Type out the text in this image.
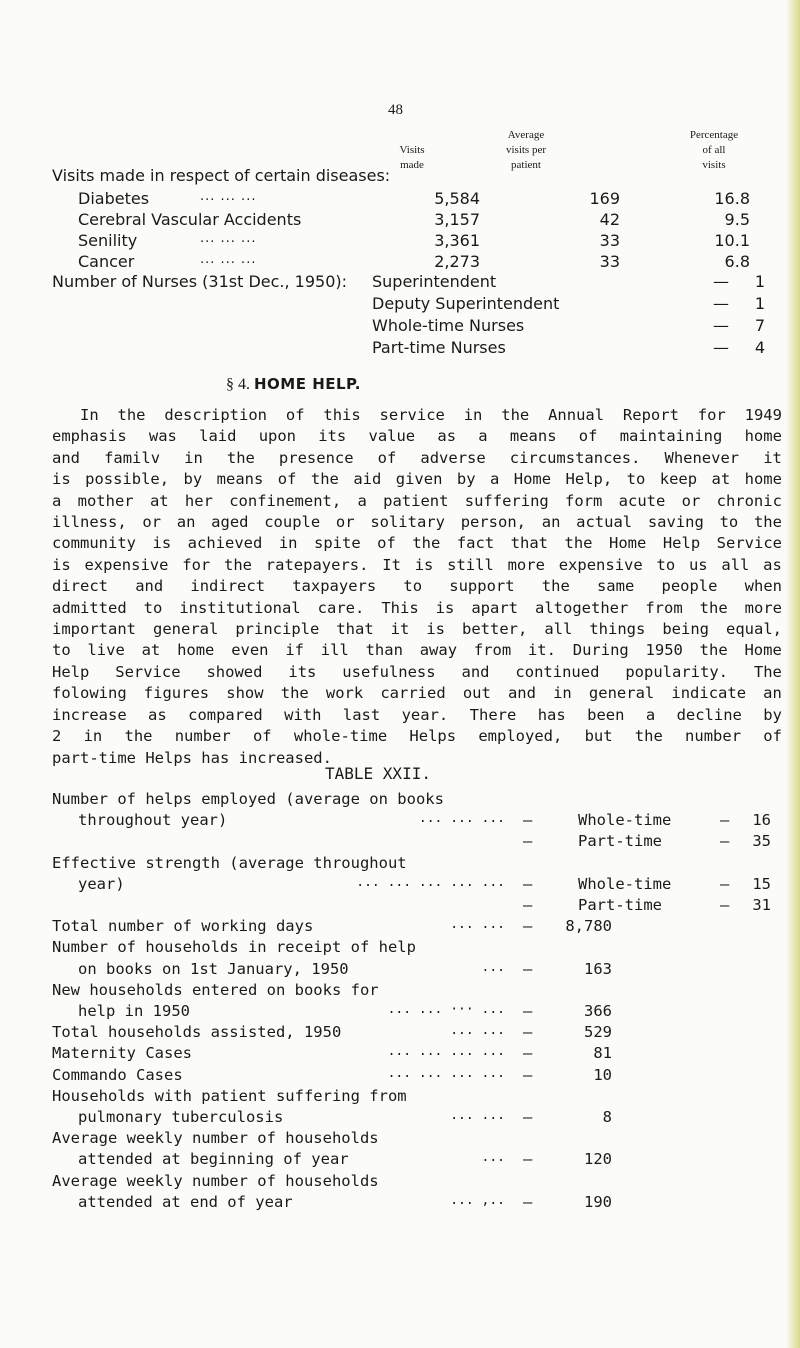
48
Visits
made
Average
visits per
patient
Percentage
of all
visits
Visits made in respect of certain diseases:
Diabetes	... ... ...	5,584	169	16.8
Cerebral Vascular Accidents	3,157	42	9.5
Senility	... ... ...	3,361	33	10.1
Cancer	... ... ...	2,273	33	6.8
Number of Nurses (31st Dec., 1950): Superintendent	—	1
Deputy Superintendent	—	1
Whole-time Nurses	—	7
Part-time Nurses	—	4
§ 4. HOME HELP.
In the description of this service in the Annual Report for 1949
emphasis was laid upon its value as a means of maintaining home
and familv in the presence of adverse circumstances. Whenever it
is possible, by means of the aid given by a Home Help, to keep at home
a mother at her confinement, a patient suffering form acute or chronic
illness, or an aged couple or solitary person, an actual saving to the
community is achieved in spite of the fact that the Home Help Service
is expensive for the ratepayers. It is still more expensive to us all as
direct and indirect taxpayers to support the same people when
admitted to institutional care. This is apart altogether from the more
important general principle that it is better, all things being equal,
to live at home even if ill than away from it. During 1950 the Home
Help Service showed its usefulness and continued popularity. The
folowing figures show the work carried out and in general indicate an
increase as compared with last year. There has been a decline by
2 in the number of whole-time Helps employed, but the number of
part-time Helps has increased.
TABLE XXII.
Number of helps employed (average on books
throughout year)	... ... ... —	Whole-time	—	16
—	Part-time	—	35
Effective strength (average throughout
year)	... ... ... ... ... —	Whole-time	—	15
—	Part-time	—	31
Total number of working days	... ... —	8,780
Number of households in receipt of help
on books on 1st January, 1950	... —	163
New households entered on books for
help in 1950	... ... ··· ... —	366
Total households assisted, 1950	... ... —	529
Maternity Cases	... ... ... ... —	81
Commando Cases	... ... ... ... —	10
Households with patient suffering from
pulmonary tuberculosis	... ... —	8
Average weekly number of households
attended at beginning of year	... —	120
Average weekly number of households
attended at end of year	... ,.. —	190
